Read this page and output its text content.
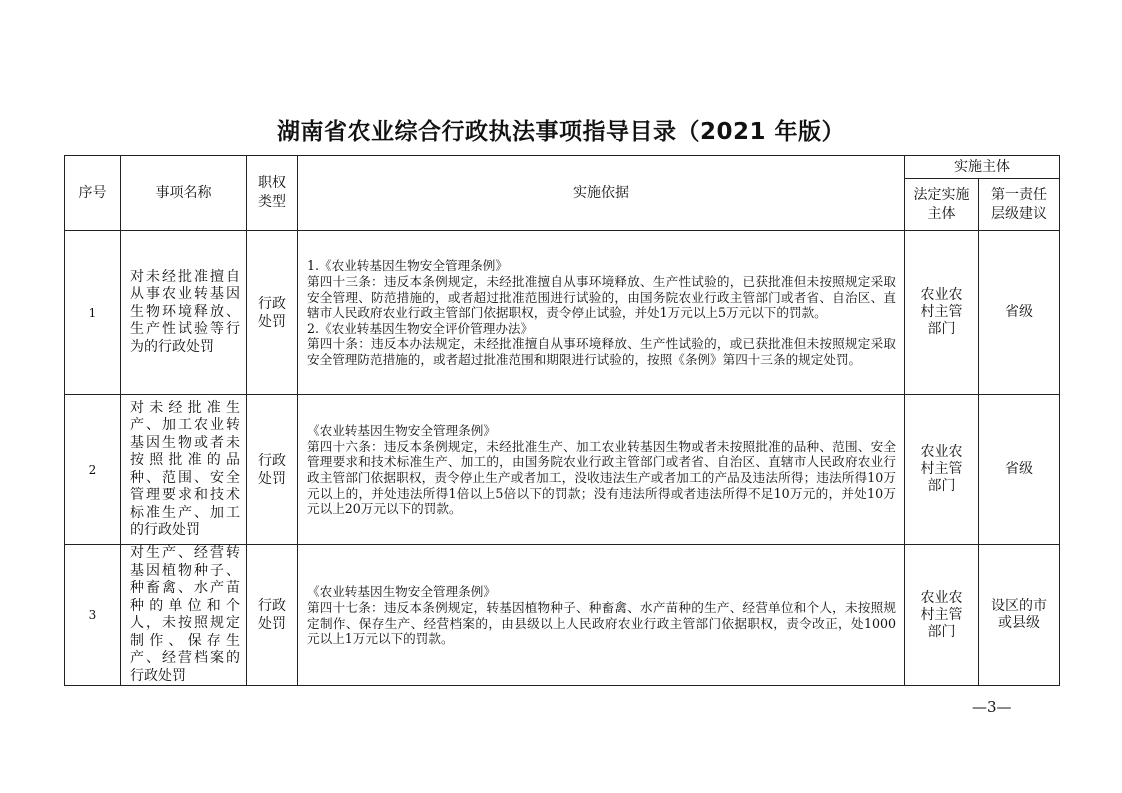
湖南省农业综合行政执法事项指导目录（2021 年版）
序号	事项名称	职权类型	实施依据	实施主体	

				法定实施主体	第一责任层级建议

1	对未经批准擅自从事农业转基因生物环境释放、生产性试验等行为的行政处罚	行政处罚	1.《农业转基因生物安全管理条例》

第四十三条：违反本条例规定，未经批准擅自从事环境释放、生产性试验的，已获批准但未按照规定采取安全管理、防范措施的，或者超过批准范围进行试验的，由国务院农业行政主管部门或者省、自治区、直辖市人民政府农业行政主管部门依据职权，责令停止试验，并处1万元以上5万元以下的罚款。

2.《农业转基因生物安全评价管理办法》

第四十条：违反本办法规定，未经批准擅自从事环境释放、生产性试验的，或已获批准但未按照规定采取安全管理防范措施的，或者超过批准范围和期限进行试验的，按照《条例》第四十三条的规定处罚。	农业农村主管部门	省级
2	对未经批准生产、加工农业转基因生物或者未按照批准的品种、范围、安全管理要求和技术标准生产、加工的行政处罚	行政处罚	《农业转基因生物安全管理条例》

第四十六条：违反本条例规定，未经批准生产、加工农业转基因生物或者未按照批准的品种、范围、安全管理要求和技术标准生产、加工的，由国务院农业行政主管部门或者省、自治区、直辖市人民政府农业行政主管部门依据职权，责令停止生产或者加工，没收违法生产或者加工的产品及违法所得；违法所得10万元以上的，并处违法所得1倍以上5倍以下的罚款；没有违法所得或者违法所得不足10万元的，并处10万元以上20万元以下的罚款。	农业农村主管部门	省级
3	对生产、经营转基因植物种子、种畜禽、水产苗种的单位和个人，未按照规定制作、保存生产、经营档案的行政处罚	行政处罚	《农业转基因生物安全管理条例》

第四十七条：违反本条例规定，转基因植物种子、种畜禽、水产苗种的生产、经营单位和个人，未按照规定制作、保存生产、经营档案的，由县级以上人民政府农业行政主管部门依据职权，责令改正，处1000 元以上1万元以下的罚款。	农业农村主管部门	设区的市或县级
—3—
